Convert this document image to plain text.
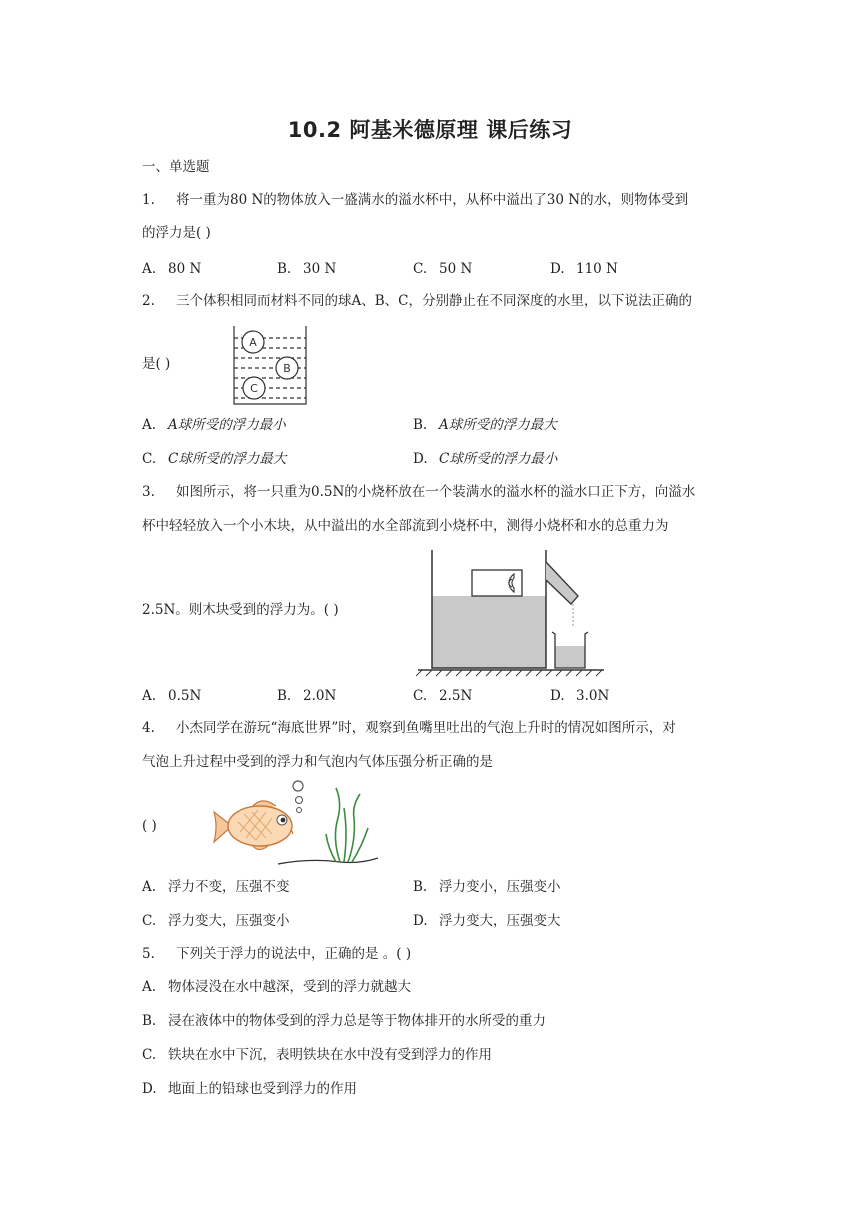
10.2 阿基米德原理 课后练习
一、单选题
1. 将一重为80 N的物体放入一盛满水的溢水杯中，从杯中溢出了30 N的水，则物体受到
的浮力是( )
A. 80 N	B. 30 N	C. 50 N	D. 110 N
2. 三个体积相同而材料不同的球A、B、C，分别静止在不同深度的水里，以下说法正确的
是( )
A
B
C
A. A球所受的浮力最小	B. A球所受的浮力最大
C. C球所受的浮力最大	D. C球所受的浮力最小
3. 如图所示，将一只重为0.5N的小烧杯放在一个装满水的溢水杯的溢水口正下方，向溢水
杯中轻轻放入一个小木块，从中溢出的水全部流到小烧杯中，测得小烧杯和水的总重力为
2.5N。则木块受到的浮力为。( )
A. 0.5N	B. 2.0N	C. 2.5N	D. 3.0N
4. 小杰同学在游玩“海底世界”时，观察到鱼嘴里吐出的气泡上升时的情况如图所示，对
气泡上升过程中受到的浮力和气泡内气体压强分析正确的是
( )
A. 浮力不变，压强不变	B. 浮力变小，压强变小
C. 浮力变大，压强变小	D. 浮力变大，压强变大
5. 下列关于浮力的说法中，正确的是 。( )
A. 物体浸没在水中越深，受到的浮力就越大
B. 浸在液体中的物体受到的浮力总是等于物体排开的水所受的重力
C. 铁块在水中下沉，表明铁块在水中没有受到浮力的作用
D. 地面上的铅球也受到浮力的作用
